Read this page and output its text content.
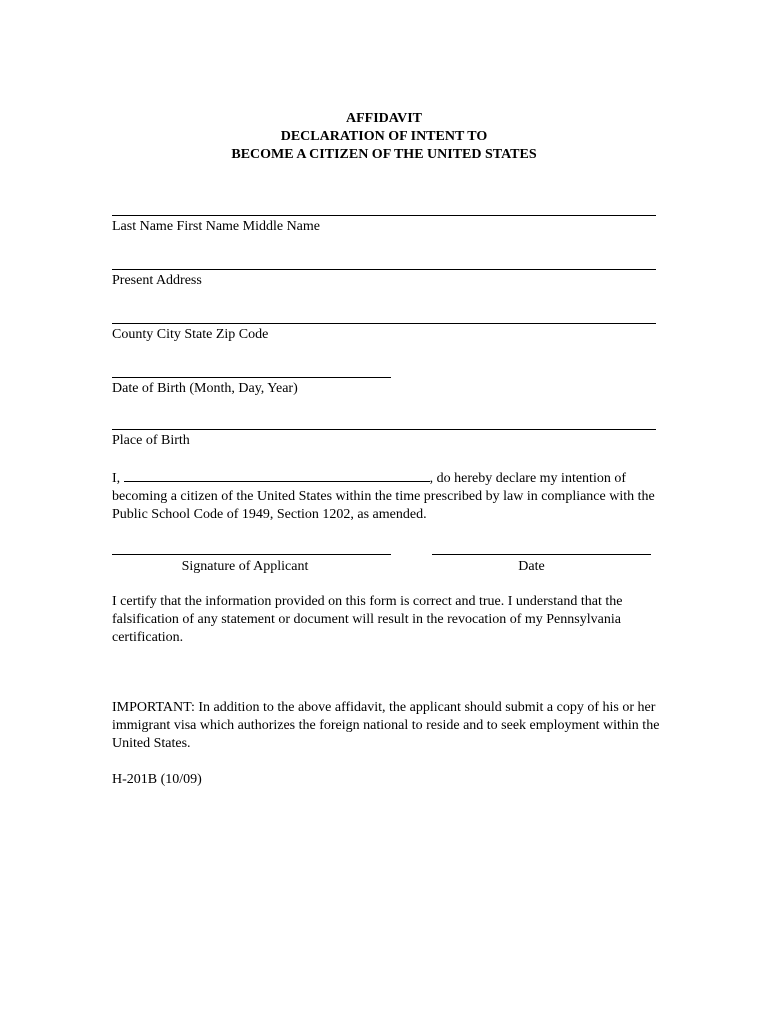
AFFIDAVIT
DECLARATION OF INTENT TO
BECOME A CITIZEN OF THE UNITED STATES
Last Name First Name Middle Name
Present Address
County City State Zip Code
Date of Birth (Month, Day, Year)
Place of Birth

I,	, do hereby declare my intention of becoming a citizen of the United States within the time prescribed by law in compliance with the Public School Code of 1949, Section 1202, as amended.

Signature of Applicant	Date

I certify that the information provided on this form is correct and true. I understand that the falsification of any statement or document will result in the revocation of my Pennsylvania certification.

IMPORTANT: In addition to the above affidavit, the applicant should submit a copy of his or her immigrant visa which authorizes the foreign national to reside and to seek employment within the United States.

H-201B (10/09)
